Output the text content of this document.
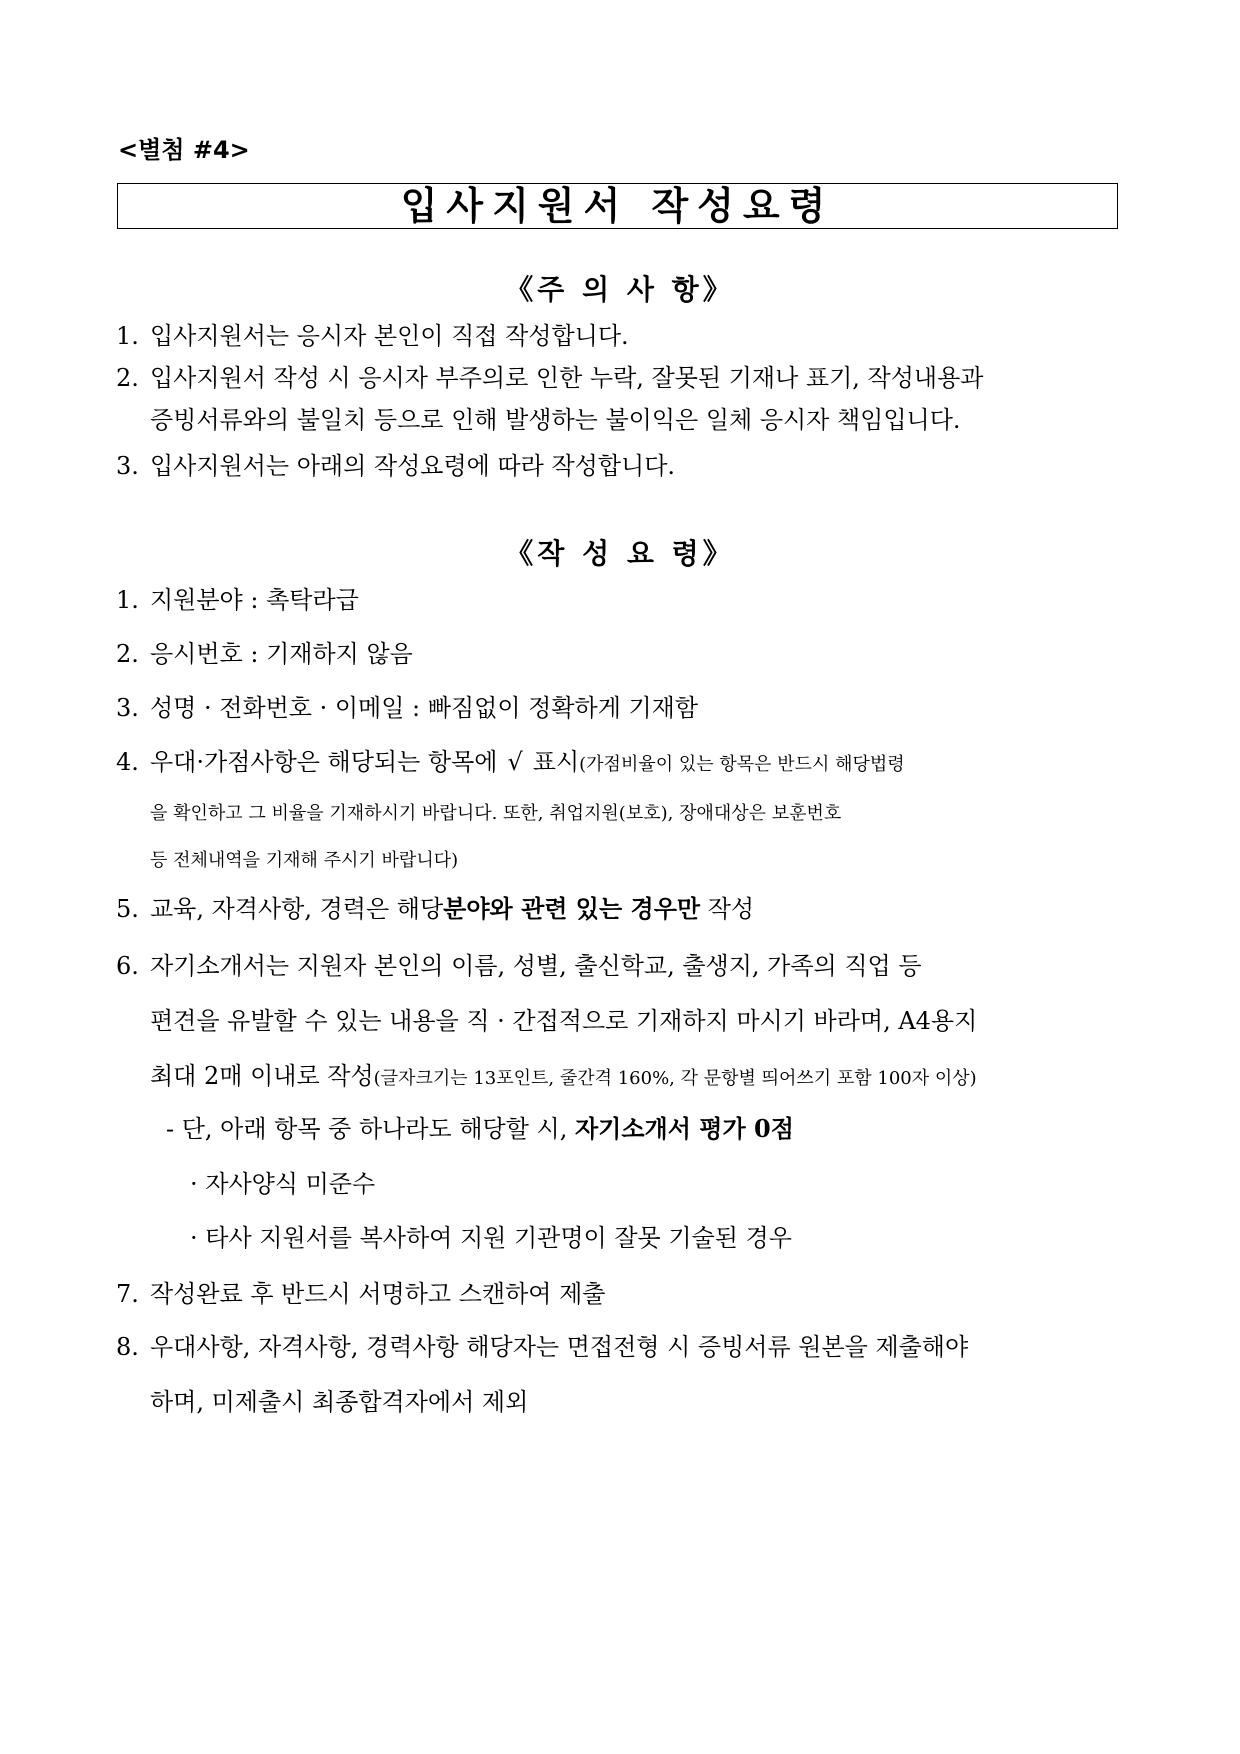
<별첨 #4>
입사지원서 작성요령
《주 의 사 항》
1. 입사지원서는 응시자 본인이 직접 작성합니다.
2. 입사지원서 작성 시 응시자 부주의로 인한 누락, 잘못된 기재나 표기, 작성내용과
증빙서류와의 불일치 등으로 인해 발생하는 불이익은 일체 응시자 책임입니다.
3. 입사지원서는 아래의 작성요령에 따라 작성합니다.
《작 성 요 령》
1. 지원분야 : 촉탁라급
2. 응시번호 : 기재하지 않음
3. 성명 · 전화번호 · 이메일 : 빠짐없이 정확하게 기재함
4. 우대·가점사항은 해당되는 항목에 √ 표시(가점비율이 있는 항목은 반드시 해당법령
을 확인하고 그 비율을 기재하시기 바랍니다. 또한, 취업지원(보호), 장애대상은 보훈번호
등 전체내역을 기재해 주시기 바랍니다)
5. 교육, 자격사항, 경력은 해당분야와 관련 있는 경우만 작성
6. 자기소개서는 지원자 본인의 이름, 성별, 출신학교, 출생지, 가족의 직업 등
편견을 유발할 수 있는 내용을 직 · 간접적으로 기재하지 마시기 바라며, A4용지
최대 2매 이내로 작성(글자크기는 13포인트, 줄간격 160%, 각 문항별 띄어쓰기 포함 100자 이상)
- 단, 아래 항목 중 하나라도 해당할 시, 자기소개서 평가 0점
· 자사양식 미준수
· 타사 지원서를 복사하여 지원 기관명이 잘못 기술된 경우
7. 작성완료 후 반드시 서명하고 스캔하여 제출
8. 우대사항, 자격사항, 경력사항 해당자는 면접전형 시 증빙서류 원본을 제출해야
하며, 미제출시 최종합격자에서 제외
